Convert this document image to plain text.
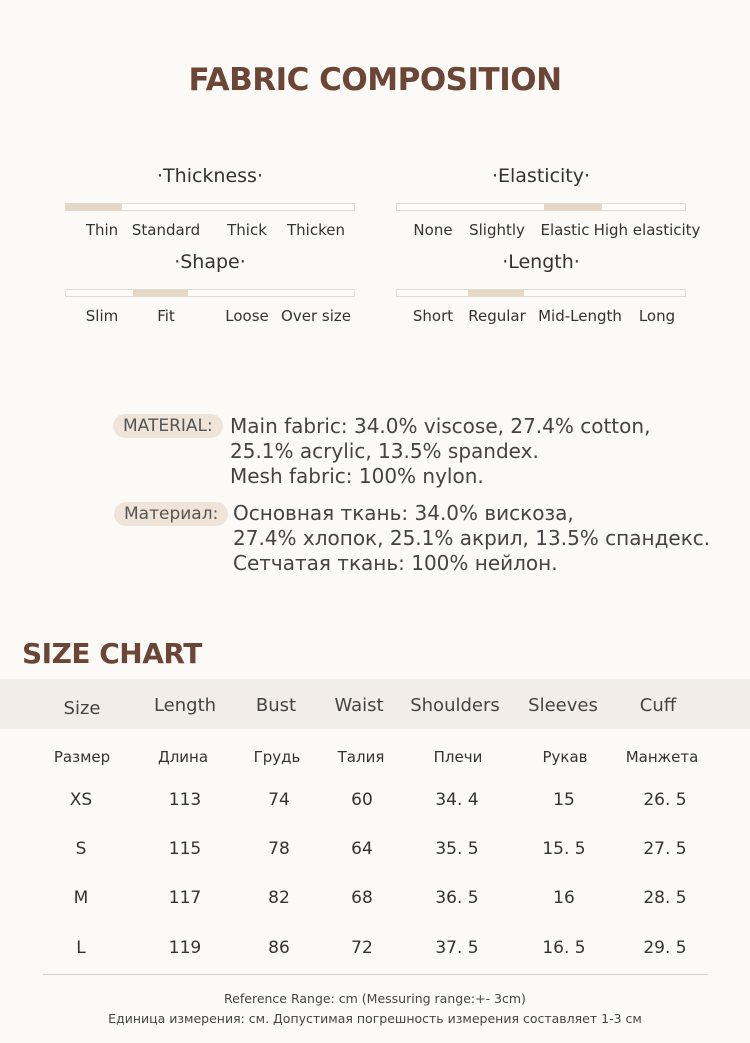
FABRIC COMPOSITION
·Thickness·
Thin Standard Thick Thicken
·Elasticity·
None Slightly Elastic High elasticity
·Shape·
Slim	Fit	Loose Over size
·Length·
Short Regular Mid-Length Long
MATERIAL: Main fabric: 34.0% viscose, 27.4% cotton,
25.1% acrylic, 13.5% spandex.
Mesh fabric: 100% nylon.
Материал: Основная ткань: 34.0% вискоза,
27.4% хлопок, 25.1% акрил, 13.5% спандекс.
Сетчатая ткань: 100% нейлон.
SIZE CHART
Size	Length Bust Waist Shoulders Sleeves Cuff
Размер	Длина	Грудь Талия	Плечи	Рукав	Манжета
XS	113	74	60	34. 4	15	26. 5
S	115	78	64	35. 5	15. 5	27. 5
M	117	82	68	36. 5	16	28. 5
L	119	86	72	37. 5	16. 5	29. 5
Reference Range: cm (Messuring range:+- 3cm)
Единица измерения: см. Допустимая погрешность измерения составляет 1-3 см
